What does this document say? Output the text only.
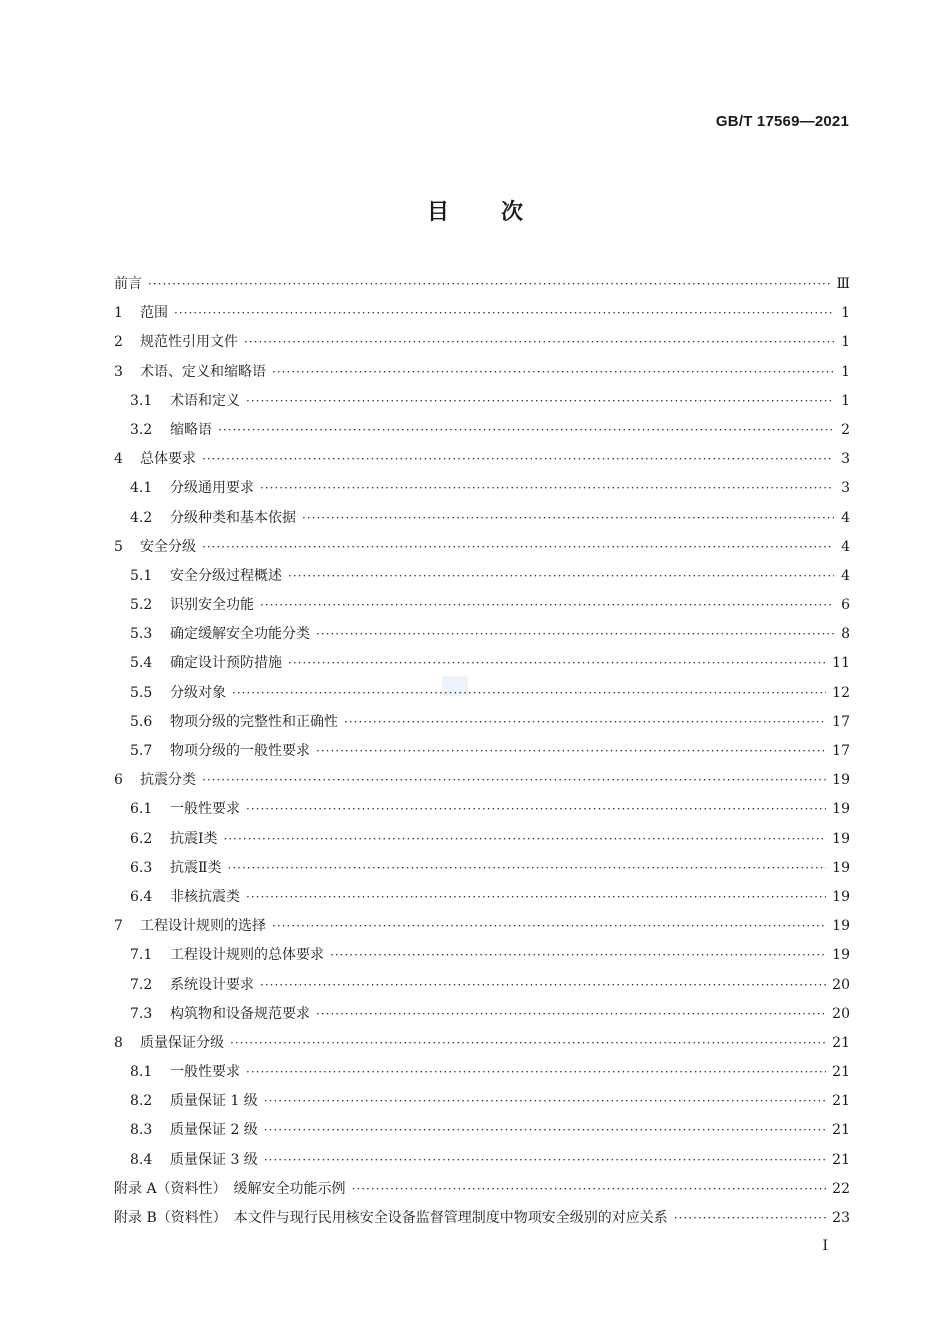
GB/T 17569—2021
目次
前言 ·····	Ⅲ
1	范围 ·····	1
2	规范性引用文件 ·····	1
3	术语、定义和缩略语 ·····	1
3.1	术语和定义 ·····	1
3.2	缩略语 ·····	2
4	总体要求 ·····	3
4.1	分级通用要求 ·····	3
4.2	分级种类和基本依据 ·····	4
5	安全分级 ·····	4
5.1	安全分级过程概述 ·····	4
5.2	识别安全功能 ·····	6
5.3	确定缓解安全功能分类 ·····	8
5.4	确定设计预防措施 ·····	11
5.5	分级对象 ·····	12
5.6	物项分级的完整性和正确性 ·····	17
5.7	物项分级的一般性要求 ·····	17
6	抗震分类 ·····	19
6.1	一般性要求 ·····	19
6.2	抗震Ⅰ类 ·····	19
6.3	抗震Ⅱ类 ·····	19
6.4	非核抗震类 ·····	19
7	工程设计规则的选择 ·····	19
7.1	工程设计规则的总体要求 ·····	19
7.2	系统设计要求 ·····	20
7.3	构筑物和设备规范要求 ·····	20
8	质量保证分级 ·····	21
8.1	一般性要求 ·····	21
8.2	质量保证 1 级 ·····	21
8.3	质量保证 2 级 ·····	21
8.4	质量保证 3 级 ·····	21
附录 A（资料性）　缓解安全功能示例 ·····	22
附录 B（资料性）　本文件与现行民用核安全设备监督管理制度中物项安全级别的对应关系 ·····	23
Ⅰ
